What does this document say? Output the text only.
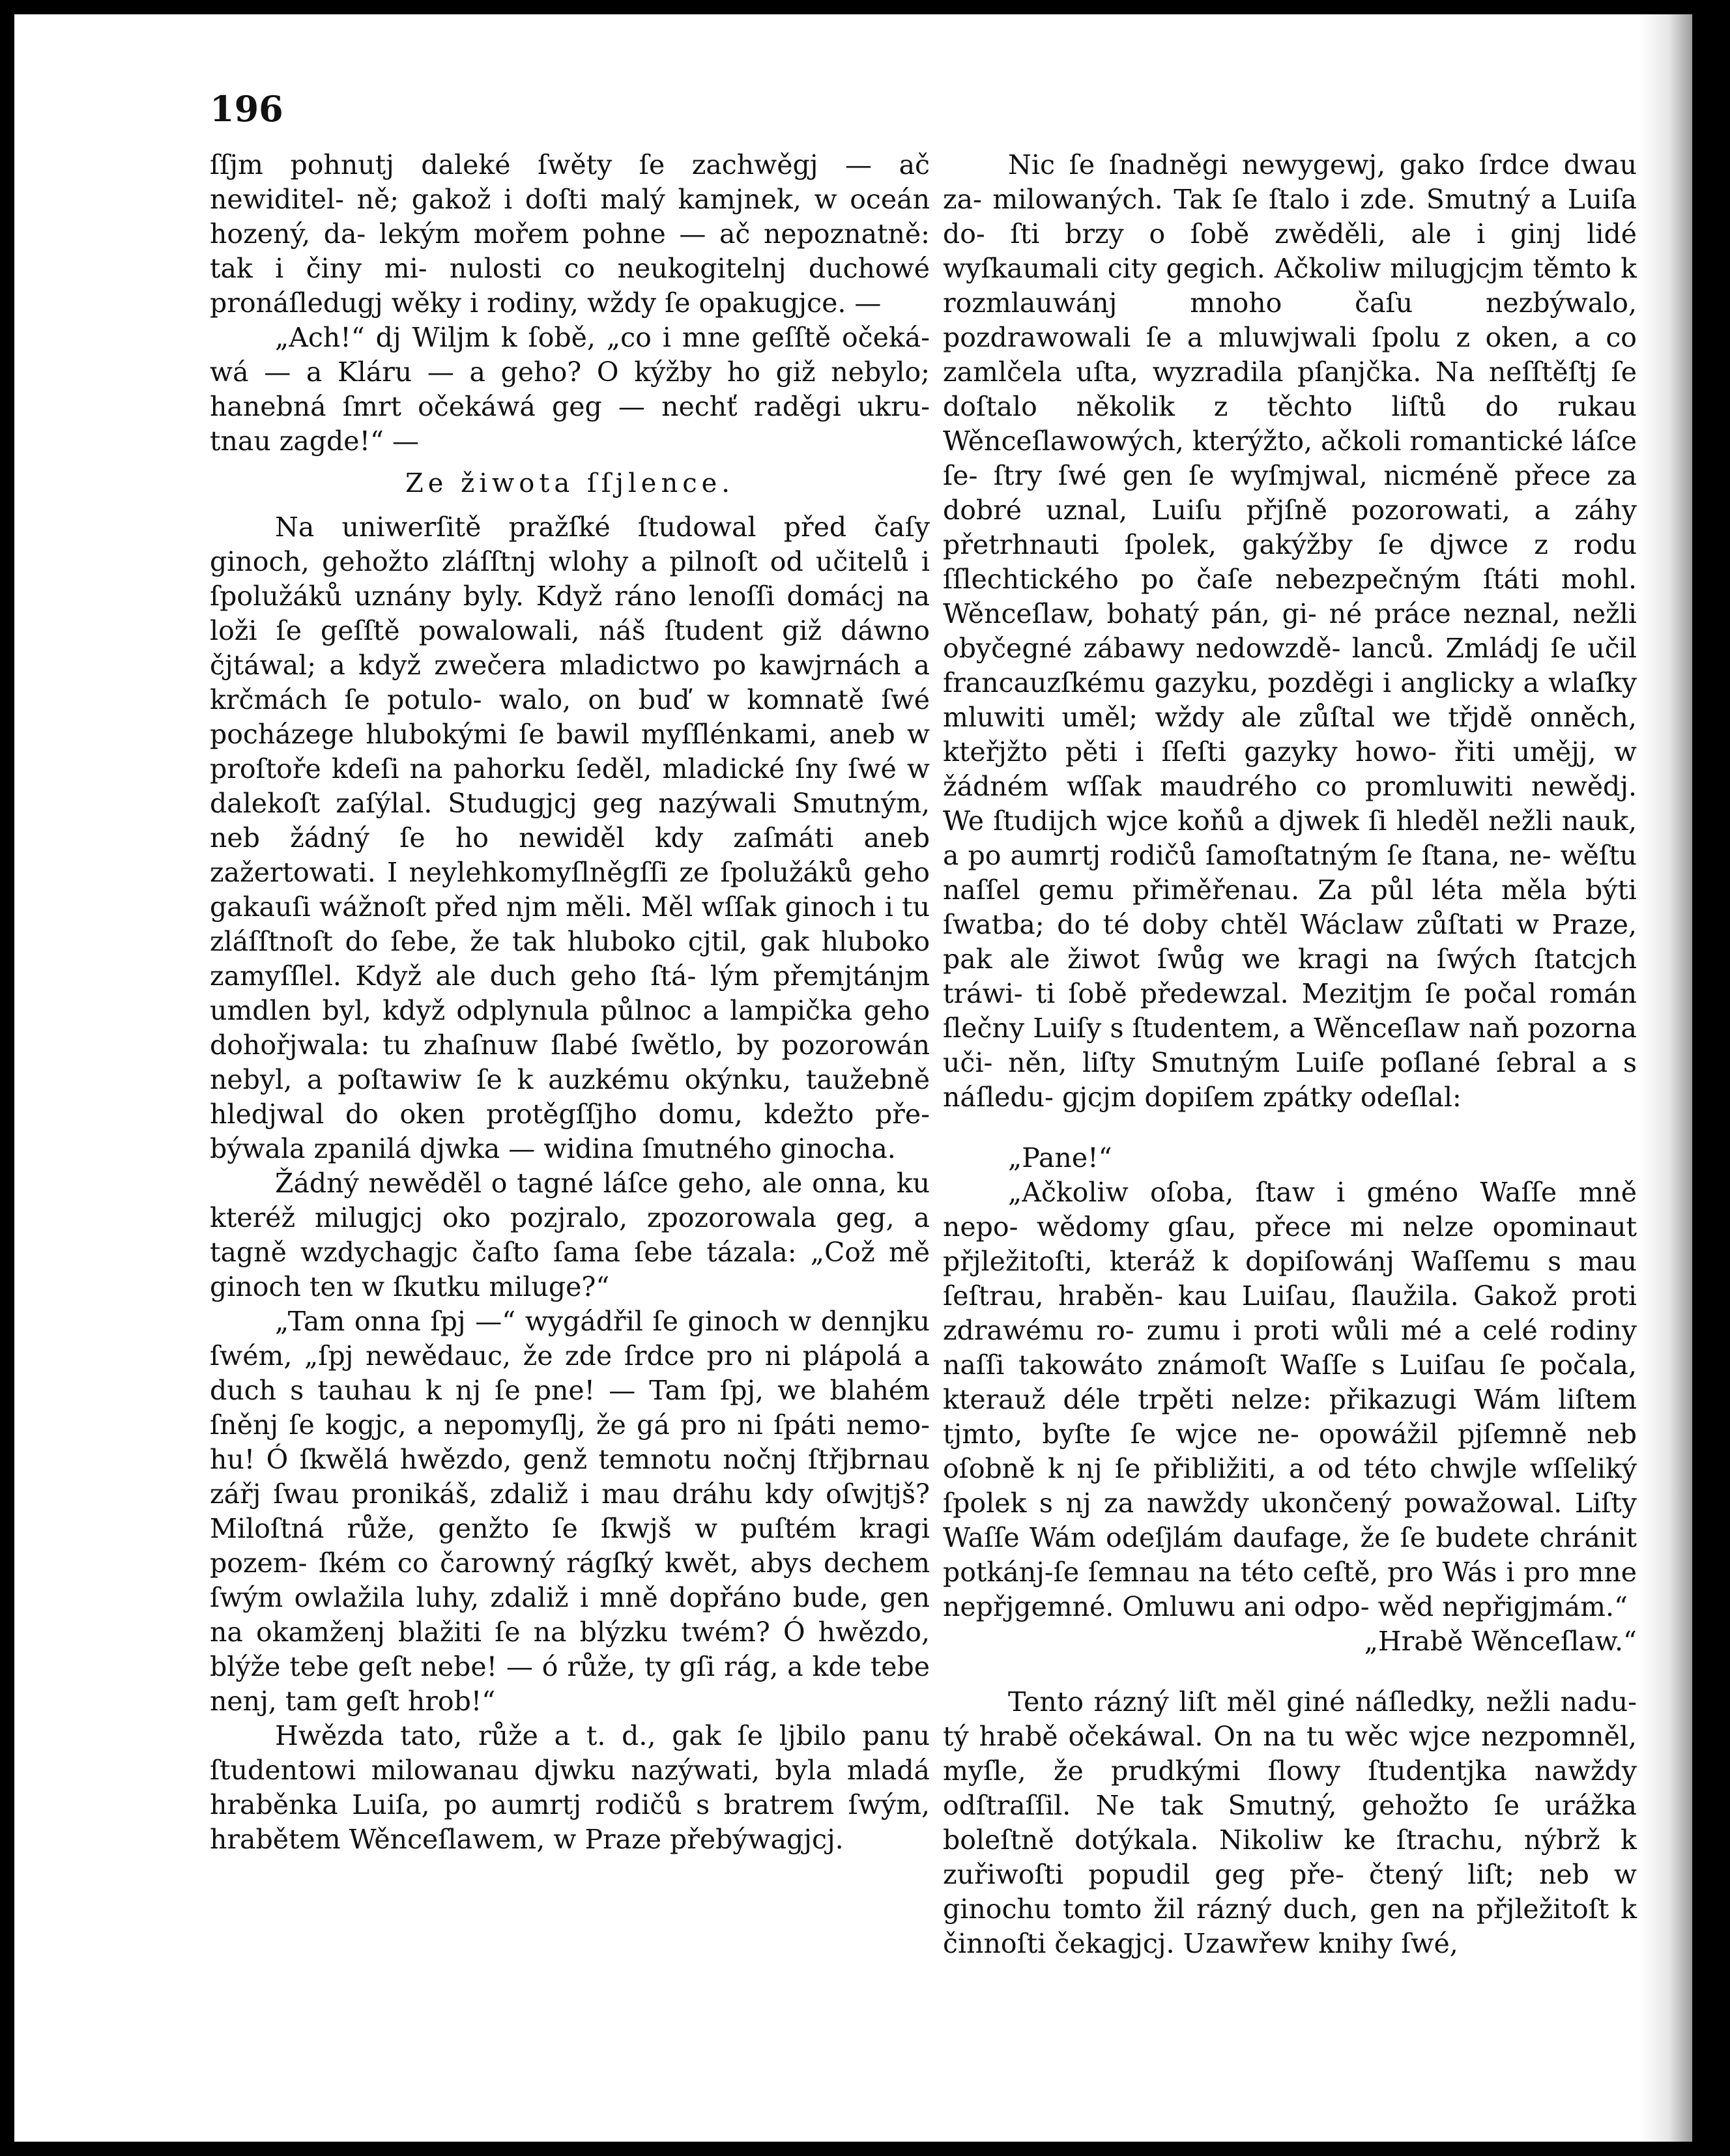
196

ſſjm pohnutj daleké ſwěty ſe zachwěgj — ač newiditel- ně; gakož i doſti malý kamjnek, w oceán hozený, da- lekým mořem pohne — ač nepoznatně: tak i činy mi- nulosti co neukogitelnj duchowé pronáſledugj wěky i rodiny, wždy ſe opakugjce. —

„Ach!“ dj Wiljm k ſobě, „co i mne geſſtě očeká- wá — a Kláru — a geho? O kýžby ho giž nebylo; hanebná ſmrt očekáwá geg — nechť raděgi ukru- tnau zagde!“ —

Ze žiwota ſſjlence.

Na uniwerſitě pražſké ſtudowal před čaſy ginoch, gehožto zláſſtnj wlohy a pilnoſt od učitelů i ſpolužáků uznány byly. Když ráno lenoſſi domácj na loži ſe geſſtě powalowali, náš ſtudent giž dáwno čjtáwal; a když zwečera mladictwo po kawjrnách a krčmách ſe potulo- walo, on buď w komnatě ſwé pocházege hlubokými ſe bawil myſſlénkami, aneb w proſtoře kdeſi na pahorku ſeděl, mladické ſny ſwé w dalekoſt zaſýlal. Studugjcj geg nazýwali Smutným, neb žádný ſe ho newiděl kdy zaſmáti aneb zažertowati. I neylehkomyſlněgſſi ze ſpolužáků geho gakauſi wážnoſt před njm měli. Měl wſſak ginoch i tu zláſſtnoſt do ſebe, že tak hluboko cjtil, gak hluboko zamyſſlel. Když ale duch geho ſtá- lým přemjtánjm umdlen byl, když odplynula půlnoc a lampička geho dohořjwala: tu zhaſnuw ſlabé ſwětlo, by pozorowán nebyl, a poſtawiw ſe k auzkému okýnku, taužebně hledjwal do oken protěgſſjho domu, kdežto pře- býwala zpanilá djwka — widina ſmutného ginocha.

Žádný newěděl o tagné láſce geho, ale onna, ku kteréž milugjcj oko pozjralo, zpozorowala geg, a tagně wzdychagjc čaſto ſama ſebe tázala: „Což mě ginoch ten w ſkutku miluge?“

„Tam onna ſpj —“ wygádřil ſe ginoch w dennjku ſwém, „ſpj newědauc, že zde ſrdce pro ni plápolá a duch s tauhau k nj ſe pne! — Tam ſpj, we blahém ſněnj ſe kogjc, a nepomyſlj, že gá pro ni ſpáti nemo- hu! Ó ſkwělá hwězdo, genž temnotu nočnj ſtřjbrnau zářj ſwau pronikáš, zdaliž i mau dráhu kdy oſwjtjš? Miloſtná růže, genžto ſe ſkwjš w puſtém kragi pozem- ſkém co čarowný rágſký kwět, abys dechem ſwým owlažila luhy, zdaliž i mně dopřáno bude, gen na okamženj blažiti ſe na blýzku twém? Ó hwězdo, blýže tebe geſt nebe! — ó růže, ty gſi rág, a kde tebe nenj, tam geſt hrob!“

Hwězda tato, růže a t. d., gak ſe ljbilo panu ſtudentowi milowanau djwku nazýwati, byla mladá hraběnka Luiſa, po aumrtj rodičů s bratrem ſwým, hrabětem Wěnceſlawem, w Praze přebýwagjcj.

Nic ſe ſnadněgi newygewj, gako ſrdce dwau za- milowaných. Tak ſe ſtalo i zde. Smutný a Luiſa do- ſti brzy o ſobě zwěděli, ale i ginj lidé wyſkaumali city gegich. Ačkoliw milugjcjm těmto k rozmlauwánj mnoho čaſu nezbýwalo, pozdrawowali ſe a mluwjwali ſpolu z oken, a co zamlčela uſta, wyzradila pſanjčka. Na neſſtěſtj ſe doſtalo několik z těchto liſtů do rukau Wěnceſlawowých, kterýžto, ačkoli romantické láſce ſe- ſtry ſwé gen ſe wyſmjwal, nicméně přece za dobré uznal, Luiſu přjſně pozorowati, a záhy přetrhnauti ſpolek, gakýžby ſe djwce z rodu ſſlechtického po čaſe nebezpečným ſtáti mohl. Wěnceſlaw, bohatý pán, gi- né práce neznal, nežli obyčegné zábawy nedowzdě- lanců. Zmládj ſe učil francauzſkému gazyku, pozděgi i anglicky a wlaſky mluwiti uměl; wždy ale zůſtal we třjdě onněch, kteřjžto pěti i ſſeſti gazyky howo- řiti umějj, w žádném wſſak maudrého co promluwiti newědj. We ſtudijch wjce koňů a djwek ſi hleděl nežli nauk, a po aumrtj rodičů ſamoſtatným ſe ſtana, ne- wěſtu naſſel gemu přiměřenau. Za půl léta měla býti ſwatba; do té doby chtěl Wáclaw zůſtati w Praze, pak ale žiwot ſwůg we kragi na ſwých ſtatcjch tráwi- ti ſobě předewzal. Mezitjm ſe počal román ſlečny Luiſy s ſtudentem, a Wěnceſlaw naň pozorna uči- něn, liſty Smutným Luiſe poſlané ſebral a s náſledu- gjcjm dopiſem zpátky odeſlal:

„Pane!“

„Ačkoliw oſoba, ſtaw i gméno Waſſe mně nepo- wědomy gſau, přece mi nelze opominaut přjležitoſti, kteráž k dopiſowánj Waſſemu s mau ſeſtrau, hraběn- kau Luiſau, ſlaužila. Gakož proti zdrawému ro- zumu i proti wůli mé a celé rodiny naſſi takowáto známoſt Waſſe s Luiſau ſe počala, kterauž déle trpěti nelze: přikazugi Wám liſtem tjmto, byſte ſe wjce ne- opowážil pjſemně neb oſobně k nj ſe přibližiti, a od této chwjle wſſeliký ſpolek s nj za nawždy ukončený powažowal. Liſty Waſſe Wám odeſjlám daufage, že ſe budete chránit potkánj-ſe ſemnau na této ceſtě, pro Wás i pro mne nepřjgemné. Omluwu ani odpo- wěd nepřigjmám.“

„Hrabě Wěnceſlaw.“

Tento rázný liſt měl giné náſledky, nežli nadu- tý hrabě očekáwal. On na tu wěc wjce nezpomněl, myſle, že prudkými ſlowy ſtudentjka nawždy odſtraſſil. Ne tak Smutný, gehožto ſe urážka boleſtně dotýkala. Nikoliw ke ſtrachu, nýbrž k zuřiwoſti popudil geg pře- čtený liſt; neb w ginochu tomto žil rázný duch, gen na přjležitoſt k činnoſti čekagjcj. Uzawřew knihy ſwé,
